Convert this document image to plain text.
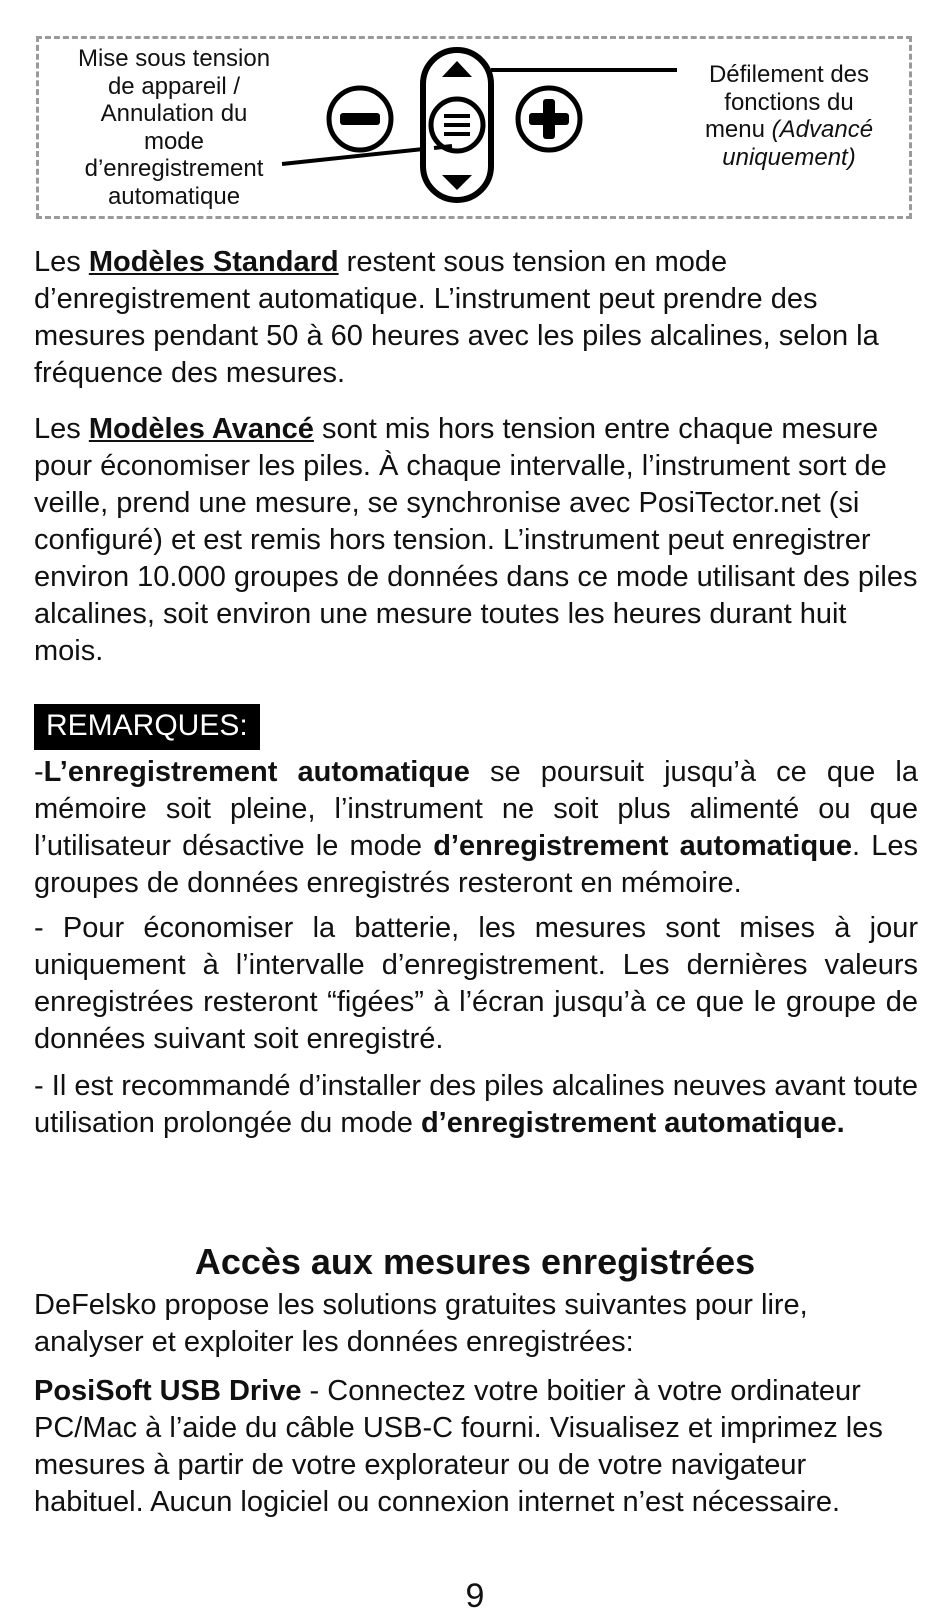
Mise sous tension
de appareil /
Annulation du
mode
d’enregistrement
automatique
Défilement des
fonctions du
menu (Advancé
uniquement)

Les Modèles Standard restent sous tension en mode d’enregistrement automatique. L’instrument peut prendre des mesures pendant 50 à 60 heures avec les piles alcalines, selon la fréquence des mesures.

Les Modèles Avancé sont mis hors tension entre chaque mesure pour économiser les piles. À chaque intervalle, l’instrument sort de veille, prend une mesure, se synchronise avec PosiTector.net (si configuré) et est remis hors tension. L’instrument peut enregistrer environ 10.000 groupes de données dans ce mode utilisant des piles alcalines, soit environ une mesure toutes les heures durant huit mois.

REMARQUES:

-L’enregistrement automatique se poursuit jusqu’à ce que la mémoire soit pleine, l’instrument ne soit plus alimenté ou que l’utilisateur désactive le mode d’enregistrement automatique. Les groupes de données enregistrés resteront en mémoire.

- Pour économiser la batterie, les mesures sont mises à jour uniquement à l’intervalle d’enregistrement. Les dernières valeurs enregistrées resteront “figées” à l’écran jusqu’à ce que le groupe de données suivant soit enregistré.

- Il est recommandé d’installer des piles alcalines neuves avant toute utilisation prolongée du mode d’enregistrement automatique.

Accès aux mesures enregistrées

DeFelsko propose les solutions gratuites suivantes pour lire, analyser et exploiter les données enregistrées:

PosiSoft USB Drive - Connectez votre boitier à votre ordinateur PC/Mac à l’aide du câble USB-C fourni. Visualisez et imprimez les mesures à partir de votre explorateur ou de votre navigateur habituel. Aucun logiciel ou connexion internet n’est nécessaire.

9
